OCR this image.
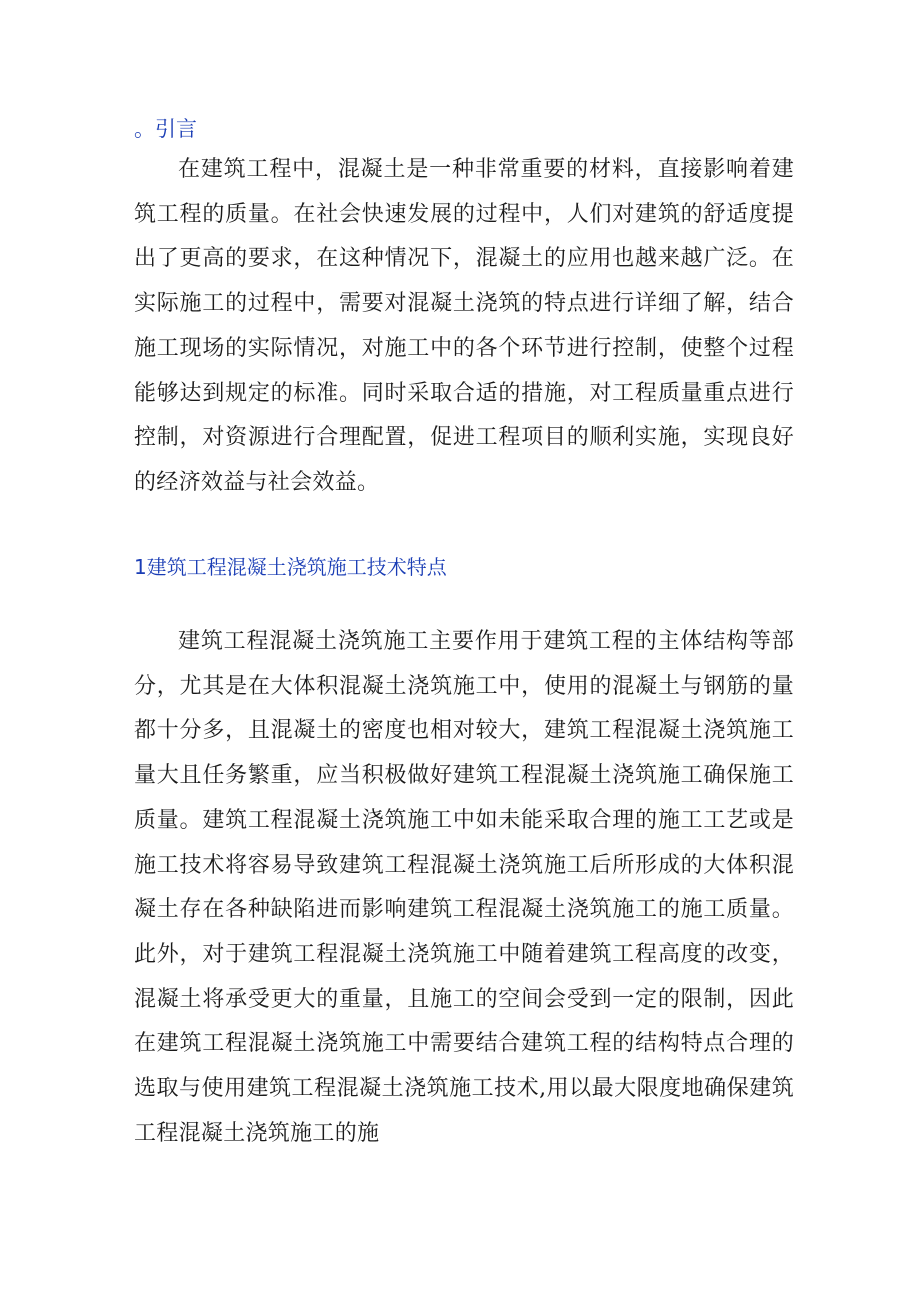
。引言

在建筑工程中，混凝土是一种非常重要的材料，直接影响着建筑工程的质量。在社会快速发展的过程中，人们对建筑的舒适度提出了更高的要求，在这种情况下，混凝土的应用也越来越广泛。在实际施工的过程中，需要对混凝土浇筑的特点进行详细了解，结合施工现场的实际情况，对施工中的各个环节进行控制，使整个过程能够达到规定的标准。同时采取合适的措施，对工程质量重点进行控制，对资源进行合理配置，促进工程项目的顺利实施，实现良好的经济效益与社会效益。

1建筑工程混凝土浇筑施工技术特点

建筑工程混凝土浇筑施工主要作用于建筑工程的主体结构等部分，尤其是在大体积混凝土浇筑施工中，使用的混凝土与钢筋的量都十分多，且混凝土的密度也相对较大，建筑工程混凝土浇筑施工量大且任务繁重，应当积极做好建筑工程混凝土浇筑施工确保施工质量。建筑工程混凝土浇筑施工中如未能采取合理的施工工艺或是施工技术将容易导致建筑工程混凝土浇筑施工后所形成的大体积混凝土存在各种缺陷进而影响建筑工程混凝土浇筑施工的施工质量。此外，对于建筑工程混凝土浇筑施工中随着建筑工程高度的改变，混凝土将承受更大的重量，且施工的空间会受到一定的限制，因此在建筑工程混凝土浇筑施工中需要结合建筑工程的结构特点合理的选取与使用建筑工程混凝土浇筑施工技术,用以最大限度地确保建筑工程混凝土浇筑施工的施
